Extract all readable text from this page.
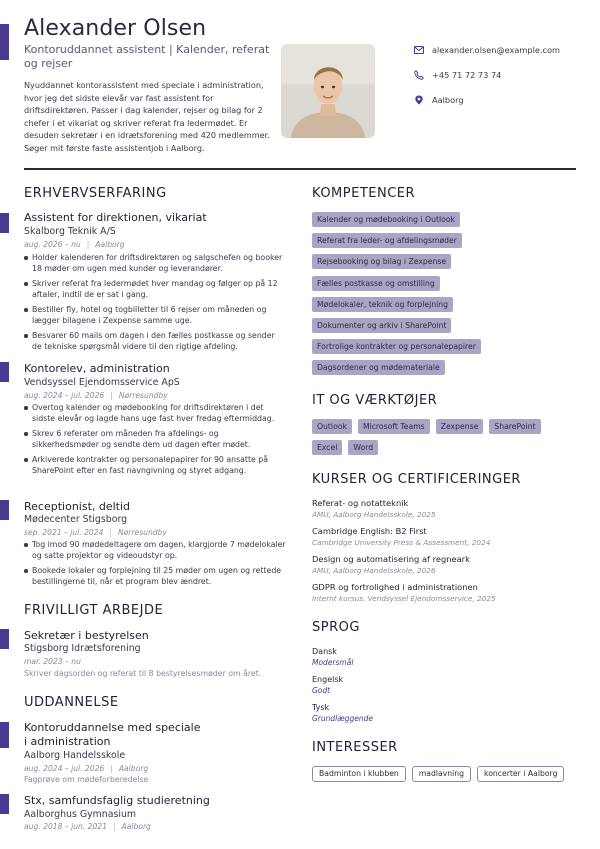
Alexander Olsen
Kontoruddannet assistent | Kalender, referat og rejser
Nyuddannet kontorassistent med speciale i administration, hvor jeg det sidste elevår var fast assistent for driftsdirektøren. Passer i dag kalender, rejser og bilag for 2 chefer i et vikariat og skriver referat fra ledermødet. Er desuden sekretær i en idrætsforening med 420 medlemmer. Søger mit første faste assistentjob i Aalborg.
alexander.olsen@example.com
+45 71 72 73 74
Aalborg
ERHVERVSERFARING
Assistent for direktionen, vikariat
Skalborg Teknik A/S
aug. 2026 – nu | Aalborg
Holder kalenderen for driftsdirektøren og salgschefen og booker 18 møder om ugen med kunder og leverandører.
Skriver referat fra ledermødet hver mandag og følger op på 12 aftaler, indtil de er sat i gang.
Bestiller fly, hotel og togbilletter til 6 rejser om måneden og lægger bilagene i Zexpense samme uge.
Besvarer 60 mails om dagen i den fælles postkasse og sender de tekniske spørgsmål videre til den rigtige afdeling.
Kontorelev, administration
Vendsyssel Ejendomsservice ApS
aug. 2024 – jul. 2026 | Nørresundby
Overtog kalender og mødebooking for driftsdirektøren i det sidste elevår og lagde hans uge fast hver fredag eftermiddag.
Skrev 6 referater om måneden fra afdelings- og sikkerhedsmøder og sendte dem ud dagen efter mødet.
Arkiverede kontrakter og personalepapirer for 90 ansatte på SharePoint efter en fast navngivning og styret adgang.
Receptionist, deltid
Mødecenter Stigsborg
sep. 2021 – jul. 2024 | Nørresundby
Tog imod 90 mødedeltagere om dagen, klargjorde 7 mødelokaler og satte projektor og videoudstyr op.
Bookede lokaler og forplejning til 25 møder om ugen og rettede bestillingerne til, når et program blev ændret.
FRIVILLIGT ARBEJDE
Sekretær i bestyrelsen
Stigsborg Idrætsforening
mar. 2023 – nu
Skriver dagsorden og referat til 8 bestyrelsesmøder om året.
UDDANNELSE
Kontoruddannelse med speciale
i administration
Aalborg Handelsskole
aug. 2024 – jul. 2026 | Aalborg
Fagprøve om mødeforberedelse
Stx, samfundsfaglig studieretning
Aalborghus Gymnasium
aug. 2018 – jun. 2021 | Aalborg
KOMPETENCER
Kalender og mødebooking i Outlook
Referat fra leder- og afdelingsmøder
Rejsebooking og bilag i Zexpense
Fælles postkasse og omstilling
Mødelokaler, teknik og forplejning
Dokumenter og arkiv i SharePoint
Fortrolige kontrakter og personalepapirer
Dagsordener og mødemateriale
IT OG VÆRKTØJER
Outlook	Microsoft Teams	Zexpense	SharePoint
Excel	Word
KURSER OG CERTIFICERINGER
Referat- og notatteknik
AMU, Aalborg Handelsskole, 2025
Cambridge English: B2 First
Cambridge University Press & Assessment, 2024
Design og automatisering af regneark
AMU, Aalborg Handelsskole, 2026
GDPR og fortrolighed i administrationen
Internt kursus, Vendsyssel Ejendomsservice, 2025
SPROG
Dansk
Modersmål
Engelsk
Godt
Tysk
Grundlæggende
INTERESSER
Badminton i klubben	madlavning	koncerter i Aalborg
